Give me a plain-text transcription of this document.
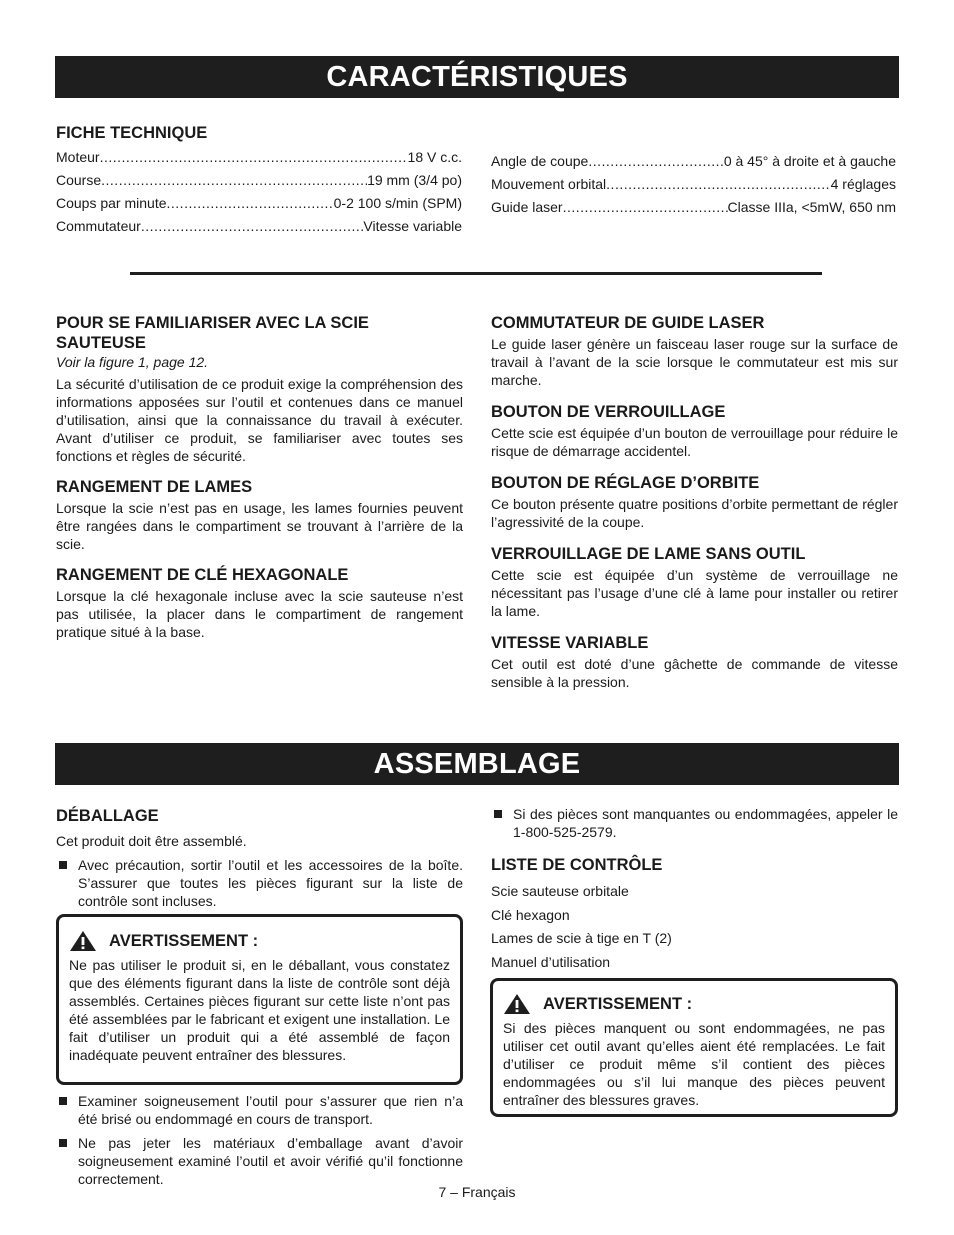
CARACTÉRISTIQUES

FICHE TECHNIQUE

Moteur .....	18 V c.c.
Course .....	19 mm (3/4 po)
Coups par minute .....	0-2 100 s/min (SPM)
Commutateur .....	Vitesse variable
Angle de coupe .....	0 à 45° à droite et à gauche
Mouvement orbital .....	4 réglages
Guide laser .....	Classe IIIa, <5mW, 650 nm

POUR SE FAMILIARISER AVEC LA SCIE SAUTEUSE

Voir la figure 1, page 12.

La sécurité d’utilisation de ce produit exige la compréhension des informations apposées sur l’outil et contenues dans ce manuel d’utilisation, ainsi que la connaissance du travail à exécuter. Avant d’utiliser ce produit, se familiariser avec toutes ses fonctions et règles de sécurité.

RANGEMENT DE LAMES

Lorsque la scie n’est pas en usage, les lames fournies peuvent être rangées dans le compartiment se trouvant à l’arrière de la scie.

RANGEMENT DE CLÉ HEXAGONALE

Lorsque la clé hexagonale incluse avec la scie sauteuse n’est pas utilisée, la placer dans le compartiment de rangement pratique situé à la base.

COMMUTATEUR DE GUIDE LASER

Le guide laser génère un faisceau laser rouge sur la surface de travail à l’avant de la scie lorsque le commutateur est mis sur marche.

BOUTON DE VERROUILLAGE

Cette scie est équipée d’un bouton de verrouillage pour réduire le risque de démarrage accidentel.

BOUTON DE RÉGLAGE D’ORBITE

Ce bouton présente quatre positions d’orbite permettant de régler l’agressivité de la coupe.

VERROUILLAGE DE LAME SANS OUTIL

Cette scie est équipée d’un système de verrouillage ne nécessitant pas l’usage d’une clé à lame pour installer ou retirer la lame.

VITESSE VARIABLE

Cet outil est doté d’une gâchette de commande de vitesse sensible à la pression.

ASSEMBLAGE

DÉBALLAGE

Cet produit doit être assemblé.

Avec précaution, sortir l’outil et les accessoires de la boîte. S’assurer que toutes les pièces figurant sur la liste de contrôle sont incluses.
AVERTISSEMENT :

Ne pas utiliser le produit si, en le déballant, vous constatez que des éléments figurant dans la liste de contrôle sont déjà assemblés. Certaines pièces figurant sur cette liste n’ont pas été assemblées par le fabricant et exigent une installation. Le fait d’utiliser un produit qui a été assemblé de façon inadéquate peuvent entraîner des blessures.

Examiner soigneusement l’outil pour s’assurer que rien n’a été brisé ou endommagé en cours de transport.
Ne pas jeter les matériaux d’emballage avant d’avoir soigneusement examiné l’outil et avoir vérifié qu’il fonctionne correctement.
Si des pièces sont manquantes ou endommagées, appeler le 1-800-525-2579.

LISTE DE CONTRÔLE

Scie sauteuse orbitale

Clé hexagon

Lames de scie à tige en T (2)

Manuel d’utilisation

AVERTISSEMENT :

Si des pièces manquent ou sont endommagées, ne pas utiliser cet outil avant qu’elles aient été remplacées. Le fait d’utiliser ce produit même s’il contient des pièces endommagées ou s’il lui manque des pièces peuvent entraîner des blessures graves.

7 – Français
